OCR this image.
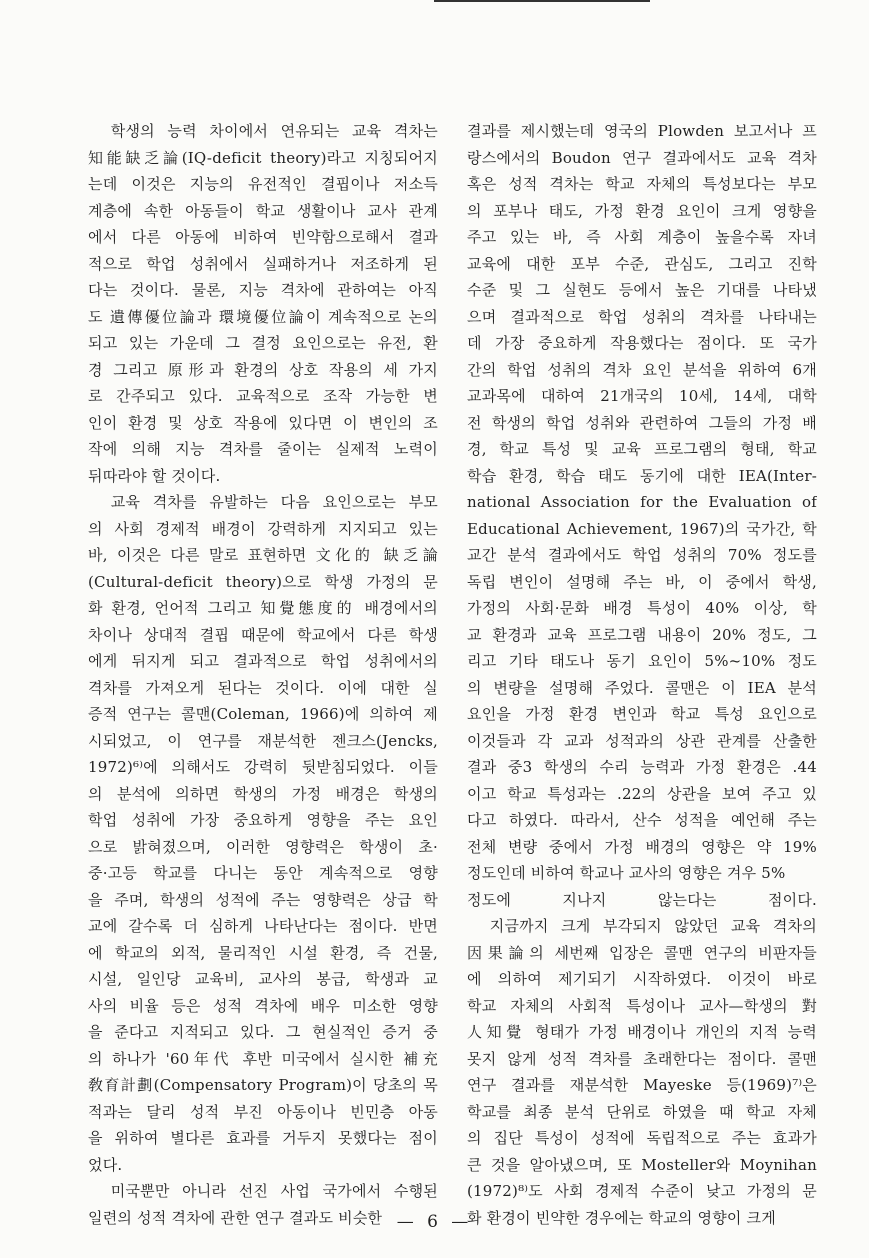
　학생의 능력 차이에서 연유되는 교육 격차는
知能缺乏論(IQ-deficit theory)라고 지칭되어지
는데 이것은 지능의 유전적인 결핍이나 저소득
계층에 속한 아동들이 학교 생활이나 교사 관계
에서 다른 아동에 비하여 빈약함으로해서 결과
적으로 학업 성취에서 실패하거나 저조하게 된
다는 것이다. 물론, 지능 격차에 관하여는 아직
도 遺傳優位論과 環境優位論이 계속적으로 논의
되고 있는 가운데 그 결정 요인으로는 유전, 환
경 그리고 原形과 환경의 상호 작용의 세 가지
로 간주되고 있다. 교육적으로 조작 가능한 변
인이 환경 및 상호 작용에 있다면 이 변인의 조
작에 의해 지능 격차를 줄이는 실제적 노력이
뒤따라야 할 것이다.
　교육 격차를 유발하는 다음 요인으로는 부모
의 사회 경제적 배경이 강력하게 지지되고 있는
바, 이것은 다른 말로 표현하면 文化的 缺乏論
(Cultural-deficit theory)으로 학생 가정의 문
화 환경, 언어적 그리고 知覺態度的 배경에서의
차이나 상대적 결핍 때문에 학교에서 다른 학생
에게 뒤지게 되고 결과적으로 학업 성취에서의
격차를 가져오게 된다는 것이다. 이에 대한 실
증적 연구는 콜맨(Coleman, 1966)에 의하여 제
시되었고, 이 연구를 재분석한 젠크스(Jencks,
1972)⁶⁾에 의해서도 강력히 뒷받침되었다. 이들
의 분석에 의하면 학생의 가정 배경은 학생의
학업 성취에 가장 중요하게 영향을 주는 요인
으로 밝혀졌으며, 이러한 영향력은 학생이 초·
중·고등 학교를 다니는 동안 계속적으로 영향
을 주며, 학생의 성적에 주는 영향력은 상급 학
교에 갈수록 더 심하게 나타난다는 점이다. 반면
에 학교의 외적, 물리적인 시설 환경, 즉 건물,
시설, 일인당 교육비, 교사의 봉급, 학생과 교
사의 비율 등은 성적 격차에 배우 미소한 영향
을 준다고 지적되고 있다. 그 현실적인 증거 중
의 하나가 '60年代 후반 미국에서 실시한 補充
敎育計劃(Compensatory Program)이 당초의 목
적과는 달리 성적 부진 아동이나 빈민층 아동
을 위하여 별다른 효과를 거두지 못했다는 점이
었다.
　미국뿐만 아니라 선진 사업 국가에서 수행된
일련의 성적 격차에 관한 연구 결과도 비슷한
결과를 제시했는데 영국의 Plowden 보고서나 프
랑스에서의 Boudon 연구 결과에서도 교육 격차
혹은 성적 격차는 학교 자체의 특성보다는 부모
의 포부나 태도, 가정 환경 요인이 크게 영향을
주고 있는 바, 즉 사회 계층이 높을수록 자녀
교육에 대한 포부 수준, 관심도, 그리고 진학
수준 및 그 실현도 등에서 높은 기대를 나타냈
으며 결과적으로 학업 성취의 격차를 나타내는
데 가장 중요하게 작용했다는 점이다. 또 국가
간의 학업 성취의 격차 요인 분석을 위하여 6개
교과목에 대하여 21개국의 10세, 14세, 대학
전 학생의 학업 성취와 관련하여 그들의 가정 배
경, 학교 특성 및 교육 프로그램의 형태, 학교
학습 환경, 학습 태도 동기에 대한 IEA(Inter-
national Association for the Evaluation of
Educational Achievement, 1967)의 국가간, 학
교간 분석 결과에서도 학업 성취의 70% 정도를
독립 변인이 설명해 주는 바, 이 중에서 학생,
가정의 사회·문화 배경 특성이 40% 이상, 학
교 환경과 교육 프로그램 내용이 20% 정도, 그
리고 기타 태도나 동기 요인이 5%~10% 정도
의 변량을 설명해 주었다. 콜맨은 이 IEA 분석
요인을 가정 환경 변인과 학교 특성 요인으로
이것들과 각 교과 성적과의 상관 관계를 산출한
결과 중3 학생의 수리 능력과 가정 환경은 .44
이고 학교 특성과는 .22의 상관을 보여 주고 있
다고 하였다. 따라서, 산수 성적을 예언해 주는
전체 변량 중에서 가정 배경의 영향은 약 19%
정도인데 비하여 학교나 교사의 영향은 겨우 5%
정도에 지나지 않는다는 점이다.
　지금까지 크게 부각되지 않았던 교육 격차의
因果論의 세번째 입장은 콜맨 연구의 비판자들
에 의하여 제기되기 시작하였다. 이것이 바로
학교 자체의 사회적 특성이나 교사—학생의 對
人知覺 형태가 가정 배경이나 개인의 지적 능력
못지 않게 성적 격차를 초래한다는 점이다. 콜맨
연구 결과를 재분석한 Mayeske 등(1969)⁷⁾은
학교를 최종 분석 단위로 하였을 때 학교 자체
의 집단 특성이 성적에 독립적으로 주는 효과가
큰 것을 알아냈으며, 또 Mosteller와 Moynihan
(1972)⁸⁾도 사회 경제적 수준이 낮고 가정의 문
화 환경이 빈약한 경우에는 학교의 영향이 크게
— 6 —
